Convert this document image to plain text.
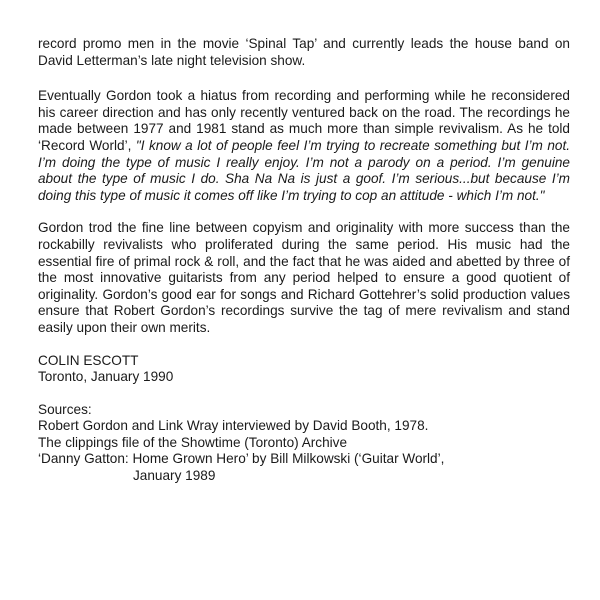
record promo men in the movie ‘Spinal Tap’ and currently leads the house band on David Letterman’s late night television show.

Eventually Gordon took a hiatus from recording and performing while he reconsidered his career direction and has only recently ventured back on the road. The recordings he made between 1977 and 1981 stand as much more than simple revivalism. As he told ‘Record World’, "I know a lot of people feel I’m trying to recreate something but I’m not. I’m doing the type of music I really enjoy. I’m not a parody on a period. I’m genuine about the type of music I do. Sha Na Na is just a goof. I’m serious...but because I’m doing this type of music it comes off like I’m trying to cop an attitude - which I’m not."

Gordon trod the fine line between copyism and originality with more success than the rockabilly revivalists who proliferated during the same period. His music had the essential fire of primal rock & roll, and the fact that he was aided and abetted by three of the most innovative guitarists from any period helped to ensure a good quotient of originality. Gordon’s good ear for songs and Richard Gottehrer’s solid production values ensure that Robert Gordon’s recordings survive the tag of mere revivalism and stand easily upon their own merits.

COLIN ESCOTT
Toronto, January 1990
Sources:
Robert Gordon and Link Wray interviewed by David Booth, 1978.
The clippings file of the Showtime (Toronto) Archive
‘Danny Gatton: Home Grown Hero’ by Bill Milkowski (‘Guitar World’,
January 1989
